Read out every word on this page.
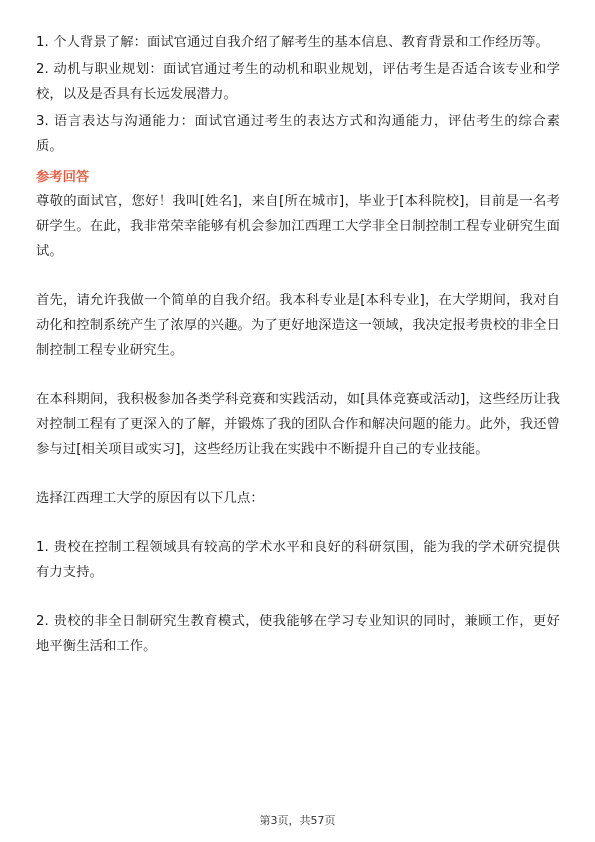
1. 个人背景了解：面试官通过自我介绍了解考生的基本信息、教育背景和工作经历等。

2. 动机与职业规划：面试官通过考生的动机和职业规划，评估考生是否适合该专业和学校，以及是否具有长远发展潜力。

3. 语言表达与沟通能力：面试官通过考生的表达方式和沟通能力，评估考生的综合素质。

参考回答

尊敬的面试官，您好！我叫[姓名]，来自[所在城市]，毕业于[本科院校]，目前是一名考研学生。在此，我非常荣幸能够有机会参加江西理工大学非全日制控制工程专业研究生面试。

首先，请允许我做一个简单的自我介绍。我本科专业是[本科专业]，在大学期间，我对自动化和控制系统产生了浓厚的兴趣。为了更好地深造这一领域，我决定报考贵校的非全日制控制工程专业研究生。

在本科期间，我积极参加各类学科竞赛和实践活动，如[具体竞赛或活动]，这些经历让我对控制工程有了更深入的了解，并锻炼了我的团队合作和解决问题的能力。此外，我还曾参与过[相关项目或实习]，这些经历让我在实践中不断提升自己的专业技能。

选择江西理工大学的原因有以下几点：

1. 贵校在控制工程领域具有较高的学术水平和良好的科研氛围，能为我的学术研究提供有力支持。

2. 贵校的非全日制研究生教育模式，使我能够在学习专业知识的同时，兼顾工作，更好地平衡生活和工作。

第3页，共57页
